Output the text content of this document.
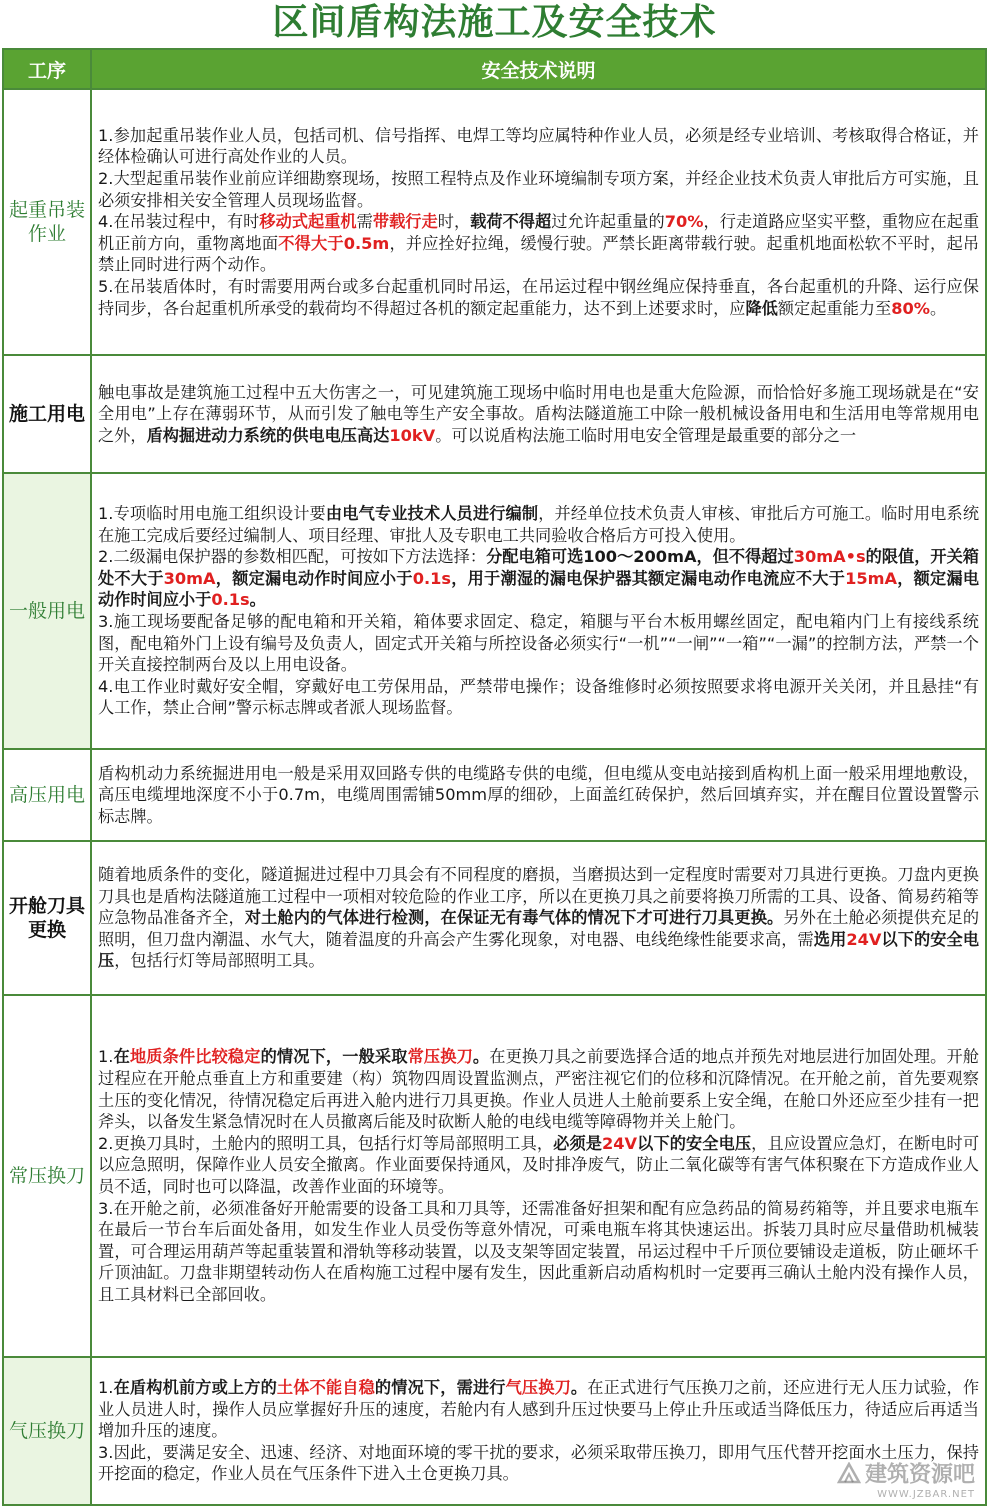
区间盾构法施工及安全技术
工序	安全技术说明
起重吊装作业	1.参加起重吊装作业人员，包括司机、信号指挥、电焊工等均应属特种作业人员，必须是经专业培训、考核取得合格证，并经体检确认可进行高处作业的人员。

2.大型起重吊装作业前应详细勘察现场，按照工程特点及作业环境编制专项方案，并经企业技术负责人审批后方可实施，且必须安排相关安全管理人员现场监督。

4.在吊装过程中，有时移动式起重机需带载行走时，载荷不得超过允许起重量的70%，行走道路应坚实平整，重物应在起重机正前方向，重物离地面不得大于0.5m，并应拴好拉绳，缓慢行驶。严禁长距离带载行驶。起重机地面松软不平时，起吊禁止同时进行两个动作。

5.在吊装盾体时，有时需要用两台或多台起重机同时吊运，在吊运过程中钢丝绳应保持垂直，各台起重机的升降、运行应保持同步，各台起重机所承受的载荷均不得超过各机的额定起重能力，达不到上述要求时，应降低额定起重能力至80%。

施工用电	触电事故是建筑施工过程中五大伤害之一，可见建筑施工现场中临时用电也是重大危险源，而恰恰好多施工现场就是在“安全用电”上存在薄弱环节，从而引发了触电等生产安全事故。盾构法隧道施工中除一般机械设备用电和生活用电等常规用电之外，盾构掘进动力系统的供电电压高达10kV。可以说盾构法施工临时用电安全管理是最重要的部分之一

一般用电	1.专项临时用电施工组织设计要由电气专业技术人员进行编制，并经单位技术负责人审核、审批后方可施工。临时用电系统在施工完成后要经过编制人、项目经理、审批人及专职电工共同验收合格后方可投入使用。

2.二级漏电保护器的参数相匹配，可按如下方法选择：分配电箱可选100～200mA，但不得超过30mA•s的限值，开关箱处不大于30mA，额定漏电动作时间应小于0.1s，用于潮湿的漏电保护器其额定漏电动作电流应不大于15mA，额定漏电动作时间应小于0.1s。

3.施工现场要配备足够的配电箱和开关箱，箱体要求固定、稳定，箱腿与平台木板用螺丝固定，配电箱内门上有接线系统图，配电箱外门上设有编号及负责人，固定式开关箱与所控设备必须实行“一机”“一闸”“一箱”“一漏”的控制方法，严禁一个开关直接控制两台及以上用电设备。

4.电工作业时戴好安全帽，穿戴好电工劳保用品，严禁带电操作；设备维修时必须按照要求将电源开关关闭，并且悬挂“有人工作，禁止合闸”警示标志牌或者派人现场监督。

高压用电	盾构机动力系统掘进用电一般是采用双回路专供的电缆路专供的电缆，但电缆从变电站接到盾构机上面一般采用埋地敷设，高压电缆埋地深度不小于0.7m，电缆周围需铺50mm厚的细砂，上面盖红砖保护，然后回填弃实，并在醒目位置设置警示标志牌。

开舱刀具更换	随着地质条件的变化，隧道掘进过程中刀具会有不同程度的磨损，当磨损达到一定程度时需要对刀具进行更换。刀盘内更换刀具也是盾构法隧道施工过程中一项相对较危险的作业工序，所以在更换刀具之前要将换刀所需的工具、设备、简易药箱等应急物品准备齐全，对土舱内的气体进行检测，在保证无有毒气体的情况下才可进行刀具更换。另外在土舱必须提供充足的照明，但刀盘内潮温、水气大，随着温度的升高会产生雾化现象，对电器、电线绝缘性能要求高，需选用24V以下的安全电压，包括行灯等局部照明工具。

常压换刀	1.在地质条件比较稳定的情况下，一般采取常压换刀。在更换刀具之前要选择合适的地点并预先对地层进行加固处理。开舱过程应在开舱点垂直上方和重要建（构）筑物四周设置监测点，严密注视它们的位移和沉降情况。在开舱之前，首先要观察土压的变化情况，待情况稳定后再进入舱内进行刀具更换。作业人员进人土舱前要系上安全绳，在舱口外还应至少挂有一把斧头，以备发生紧急情况时在人员撤离后能及时砍断人舱的电线电缆等障碍物并关上舱门。

2.更换刀具时，土舱内的照明工具，包括行灯等局部照明工具，必须是24V以下的安全电压，且应设置应急灯，在断电时可以应急照明，保障作业人员安全撤离。作业面要保持通风，及时排净废气，防止二氧化碳等有害气体积聚在下方造成作业人员不适，同时也可以降温，改善作业面的环境等。

3.在开舱之前，必须准备好开舱需要的设备工具和刀具等，还需准备好担架和配有应急药品的简易药箱等，并且要求电瓶车在最后一节台车后面处备用，如发生作业人员受伤等意外情况，可乘电瓶车将其快速运出。拆装刀具时应尽量借助机械装置，可合理运用葫芦等起重装置和滑轨等移动装置，以及支架等固定装置，吊运过程中千斤顶位要铺设走道板，防止砸坏千斤顶油缸。刀盘非期望转动伤人在盾构施工过程中屡有发生，因此重新启动盾构机时一定要再三确认土舱内没有操作人员，且工具材料已全部回收。

气压换刀	1.在盾构机前方或上方的土体不能自稳的情况下，需进行气压换刀。在正式进行气压换刀之前，还应进行无人压力试验，作业人员进人时，操作人员应掌握好升压的速度，若舱内有人感到升压过快要马上停止升压或适当降低压力，待适应后再适当增加升压的速度。

3.因此，要满足安全、迅速、经济、对地面环境的零干扰的要求，必须采取带压换刀，即用气压代替开挖面水土压力，保持开挖面的稳定，作业人员在气压条件下进入土仓更换刀具。	建筑资源吧
WWW.JZBAR.NET
